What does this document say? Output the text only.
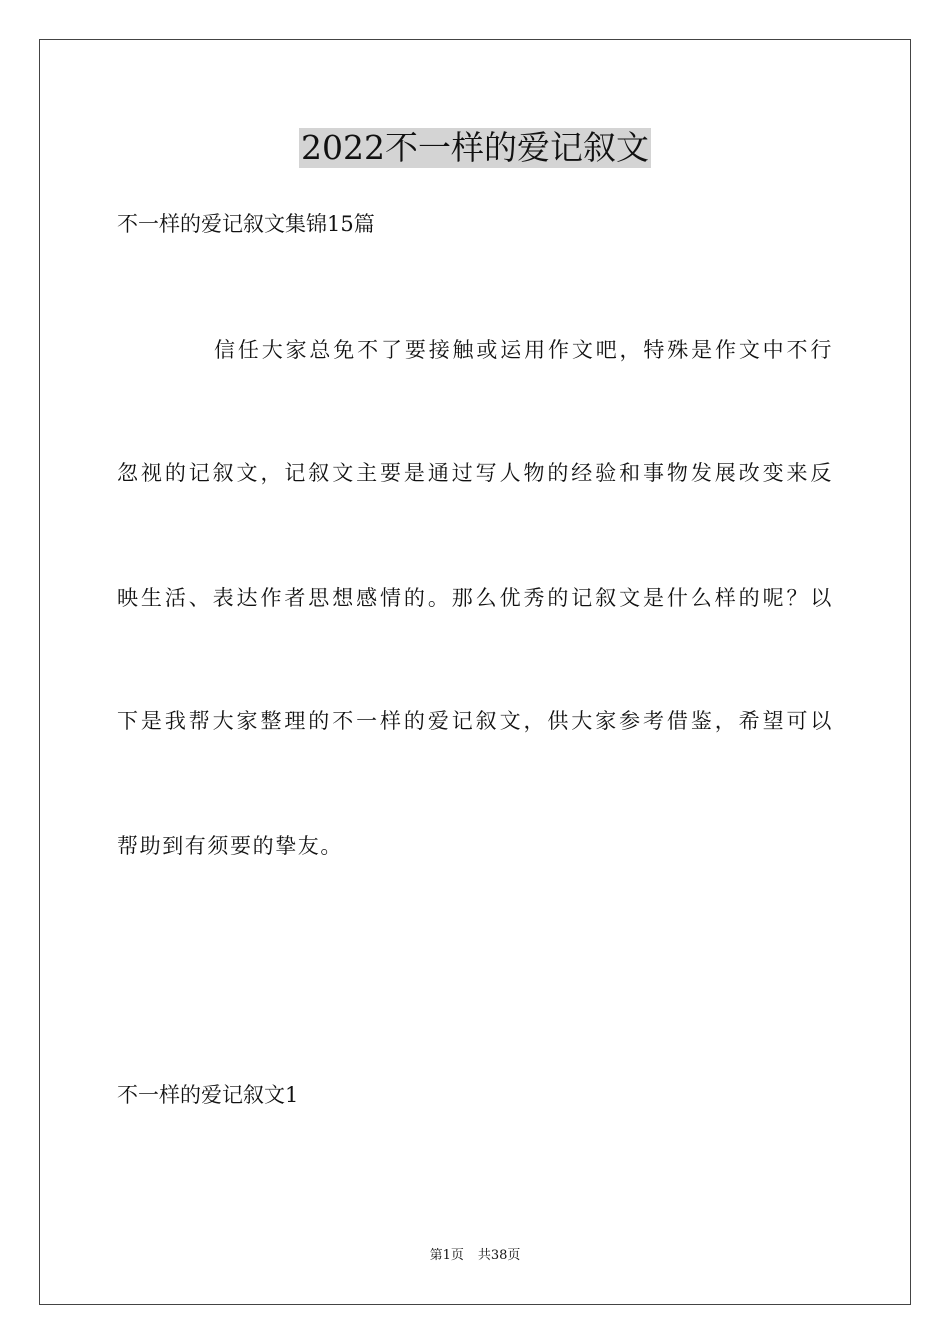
2022不一样的爱记叙文
不一样的爱记叙文集锦15篇
信任大家总免不了要接触或运用作文吧，特殊是作文中不行
忽视的记叙文，记叙文主要是通过写人物的经验和事物发展改变来反
映生活、表达作者思想感情的。那么优秀的记叙文是什么样的呢？以
下是我帮大家整理的不一样的爱记叙文，供大家参考借鉴，希望可以
帮助到有须要的挚友。
不一样的爱记叙文1
第1页 共38页
